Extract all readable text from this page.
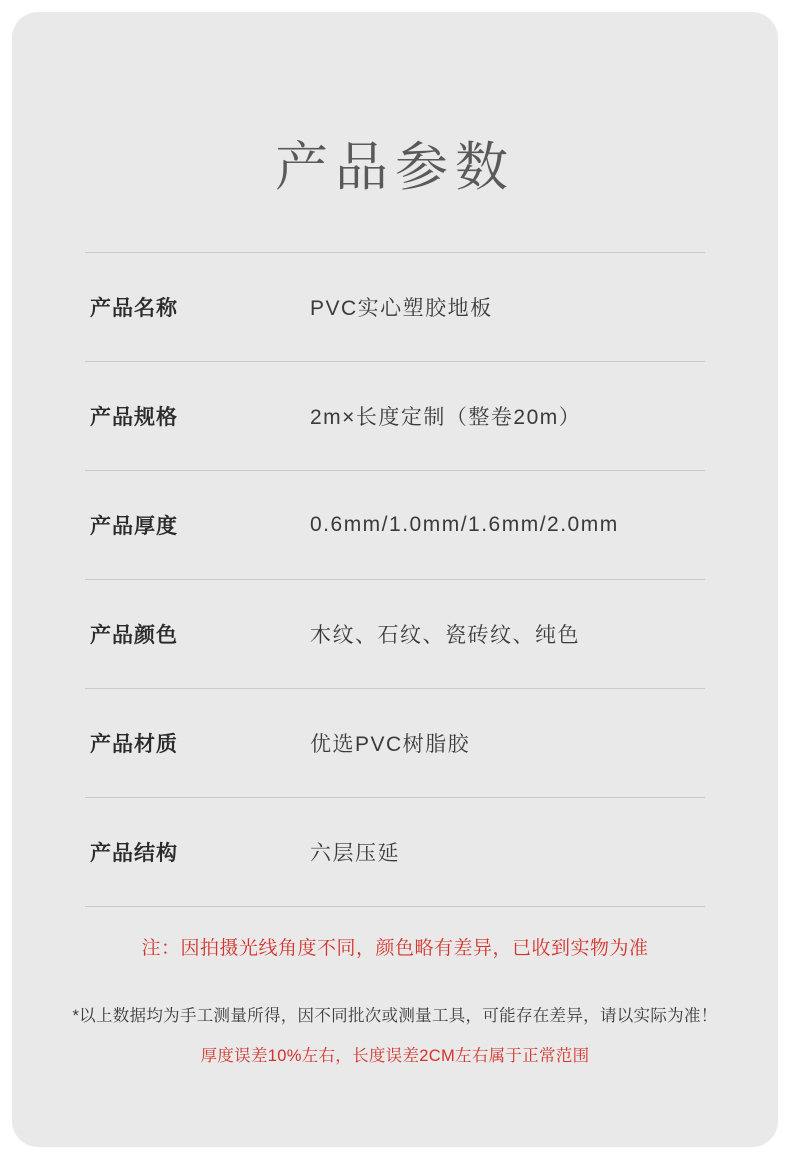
产品参数
产品名称	PVC实心塑胶地板
产品规格	2m×长度定制（整卷20m）
产品厚度	0.6mm/1.0mm/1.6mm/2.0mm
产品颜色	木纹、石纹、瓷砖纹、纯色
产品材质	优选PVC树脂胶
产品结构	六层压延
注：因拍摄光线角度不同，颜色略有差异，已收到实物为准
*以上数据均为手工测量所得，因不同批次或测量工具，可能存在差异，请以实际为准！
厚度误差10%左右，长度误差2CM左右属于正常范围
